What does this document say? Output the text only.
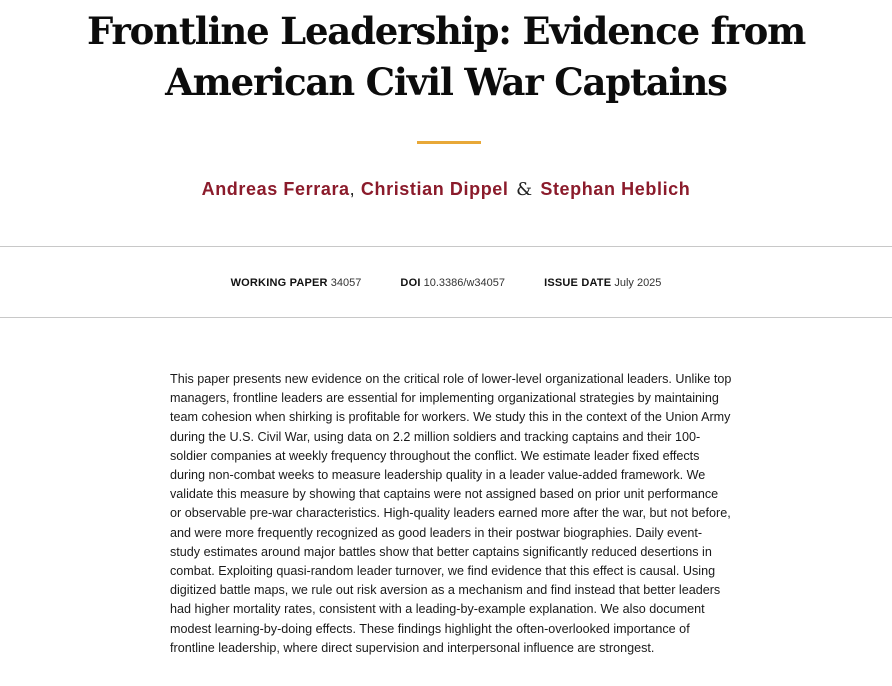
Frontline Leadership: Evidence from American Civil War Captains
Andreas Ferrara, Christian Dippel & Stephan Heblich
WORKING PAPER 34057	DOI 10.3386/w34057	ISSUE DATE July 2025

This paper presents new evidence on the critical role of lower-level organizational leaders. Unlike top managers, frontline leaders are essential for implementing organizational strategies by maintaining team cohesion when shirking is profitable for workers. We study this in the context of the Union Army during the U.S. Civil War, using data on 2.2 million soldiers and tracking captains and their 100-soldier companies at weekly frequency throughout the conflict. We estimate leader fixed effects during non-combat weeks to measure leadership quality in a leader value-added framework. We validate this measure by showing that captains were not assigned based on prior unit performance or observable pre-war characteristics. High-quality leaders earned more after the war, but not before, and were more frequently recognized as good leaders in their postwar biographies. Daily event-study estimates around major battles show that better captains significantly reduced desertions in combat. Exploiting quasi-random leader turnover, we find evidence that this effect is causal. Using digitized battle maps, we rule out risk aversion as a mechanism and find instead that better leaders had higher mortality rates, consistent with a leading-by-example explanation. We also document modest learning-by-doing effects. These findings highlight the often-overlooked importance of frontline leadership, where direct supervision and interpersonal influence are strongest.
